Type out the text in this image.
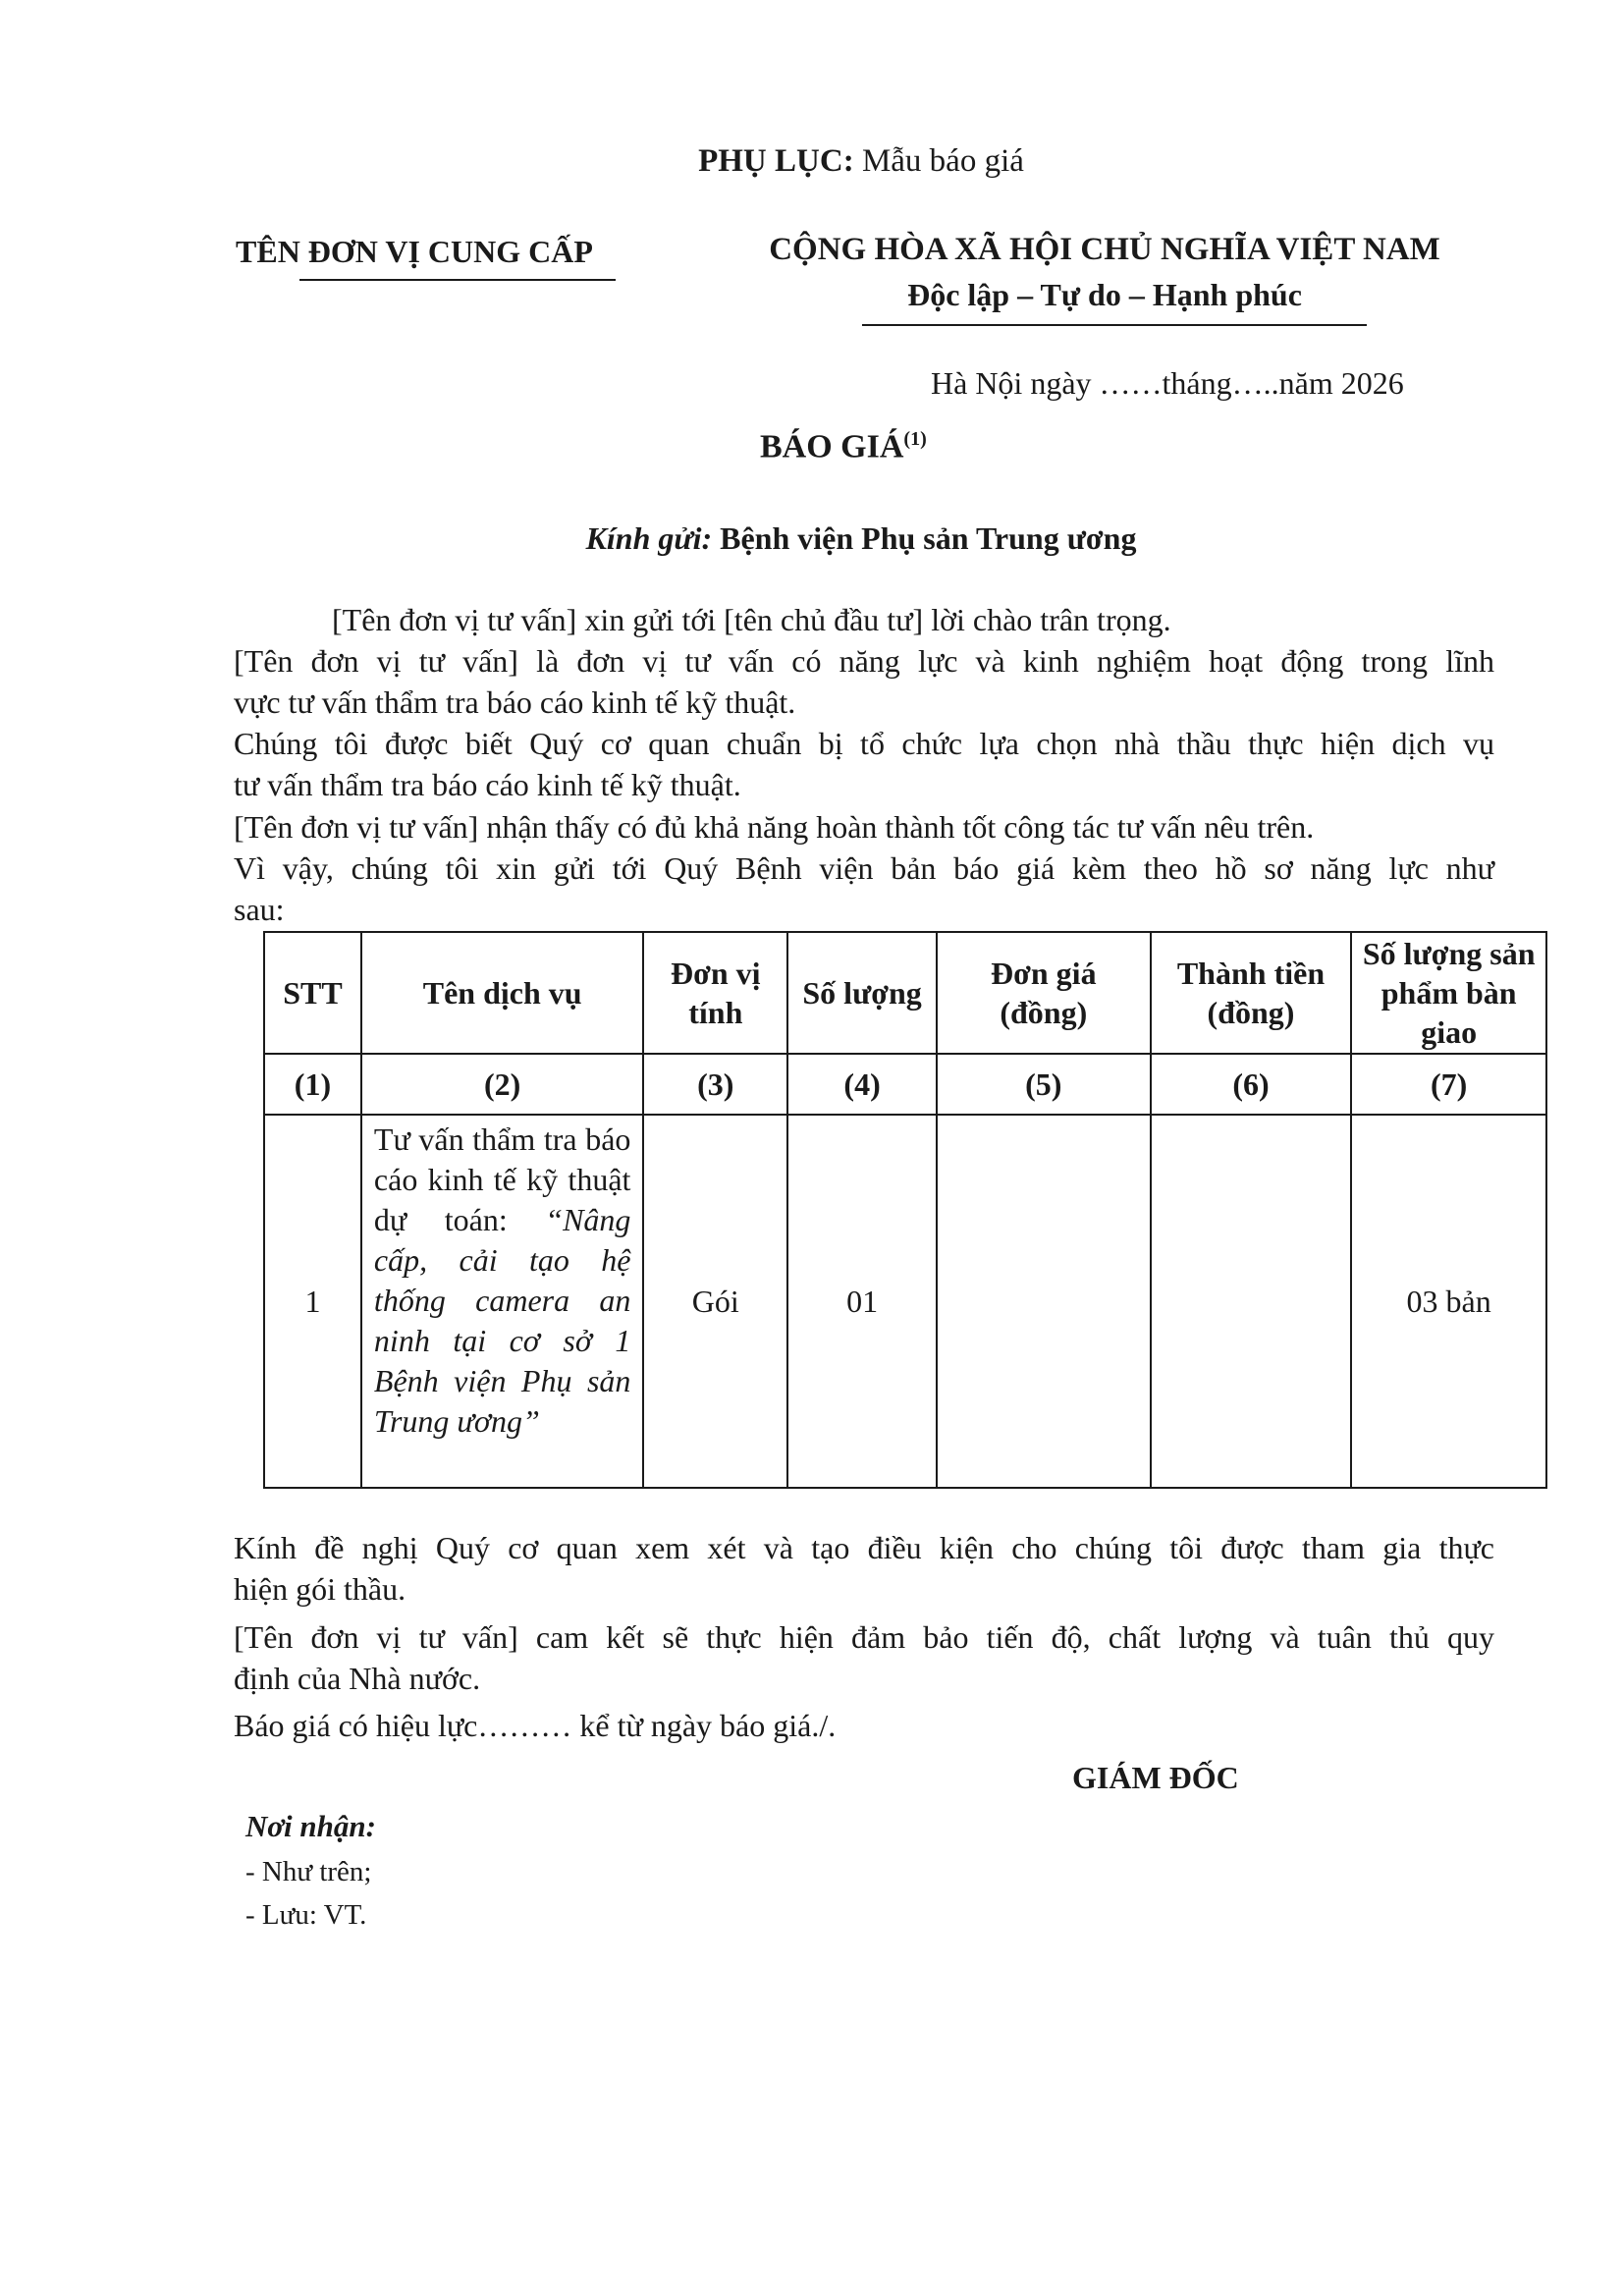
PHỤ LỤC: Mẫu báo giá
TÊN ĐƠN VỊ CUNG CẤP	CỘNG HÒA XÃ HỘI CHỦ NGHĨA VIỆT NAM
Độc lập – Tự do – Hạnh phúc
Hà Nội ngày ……tháng…..năm 2026
BÁO GIÁ$^{(1)}$
Kính gửi: Bệnh viện Phụ sản Trung ương
[Tên đơn vị tư vấn] xin gửi tới [tên chủ đầu tư] lời chào trân trọng.
[Tên đơn vị tư vấn] là đơn vị tư vấn có năng lực và kinh nghiệm hoạt động trong lĩnh
vực tư vấn thẩm tra báo cáo kinh tế kỹ thuật.
Chúng tôi được biết Quý cơ quan chuẩn bị tổ chức lựa chọn nhà thầu thực hiện dịch vụ
tư vấn thẩm tra báo cáo kinh tế kỹ thuật.
[Tên đơn vị tư vấn] nhận thấy có đủ khả năng hoàn thành tốt công tác tư vấn nêu trên.
Vì vậy, chúng tôi xin gửi tới Quý Bệnh viện bản báo giá kèm theo hồ sơ năng lực như
sau:
STT	Tên dịch vụ	Đơn vị tính	Số lượng	Đơn giá (đồng)	Thành tiền (đồng)	Số lượng sản phẩm bàn giao
(1)	(2)	(3)	(4)	(5)	(6)	(7)
1	Tư vấn thẩm tra báo cáo kinh tế kỹ thuật dự toán: “Nâng cấp, cải tạo hệ thống camera an ninh tại cơ sở 1 Bệnh viện Phụ sản Trung ương”	Gói	01			03 bản
Kính đề nghị Quý cơ quan xem xét và tạo điều kiện cho chúng tôi được tham gia thực
hiện gói thầu.
[Tên đơn vị tư vấn] cam kết sẽ thực hiện đảm bảo tiến độ, chất lượng và tuân thủ quy
định của Nhà nước.
Báo giá có hiệu lực……… kể từ ngày báo giá./.
GIÁM ĐỐC
Nơi nhận:
- Như trên;
- Lưu: VT.
